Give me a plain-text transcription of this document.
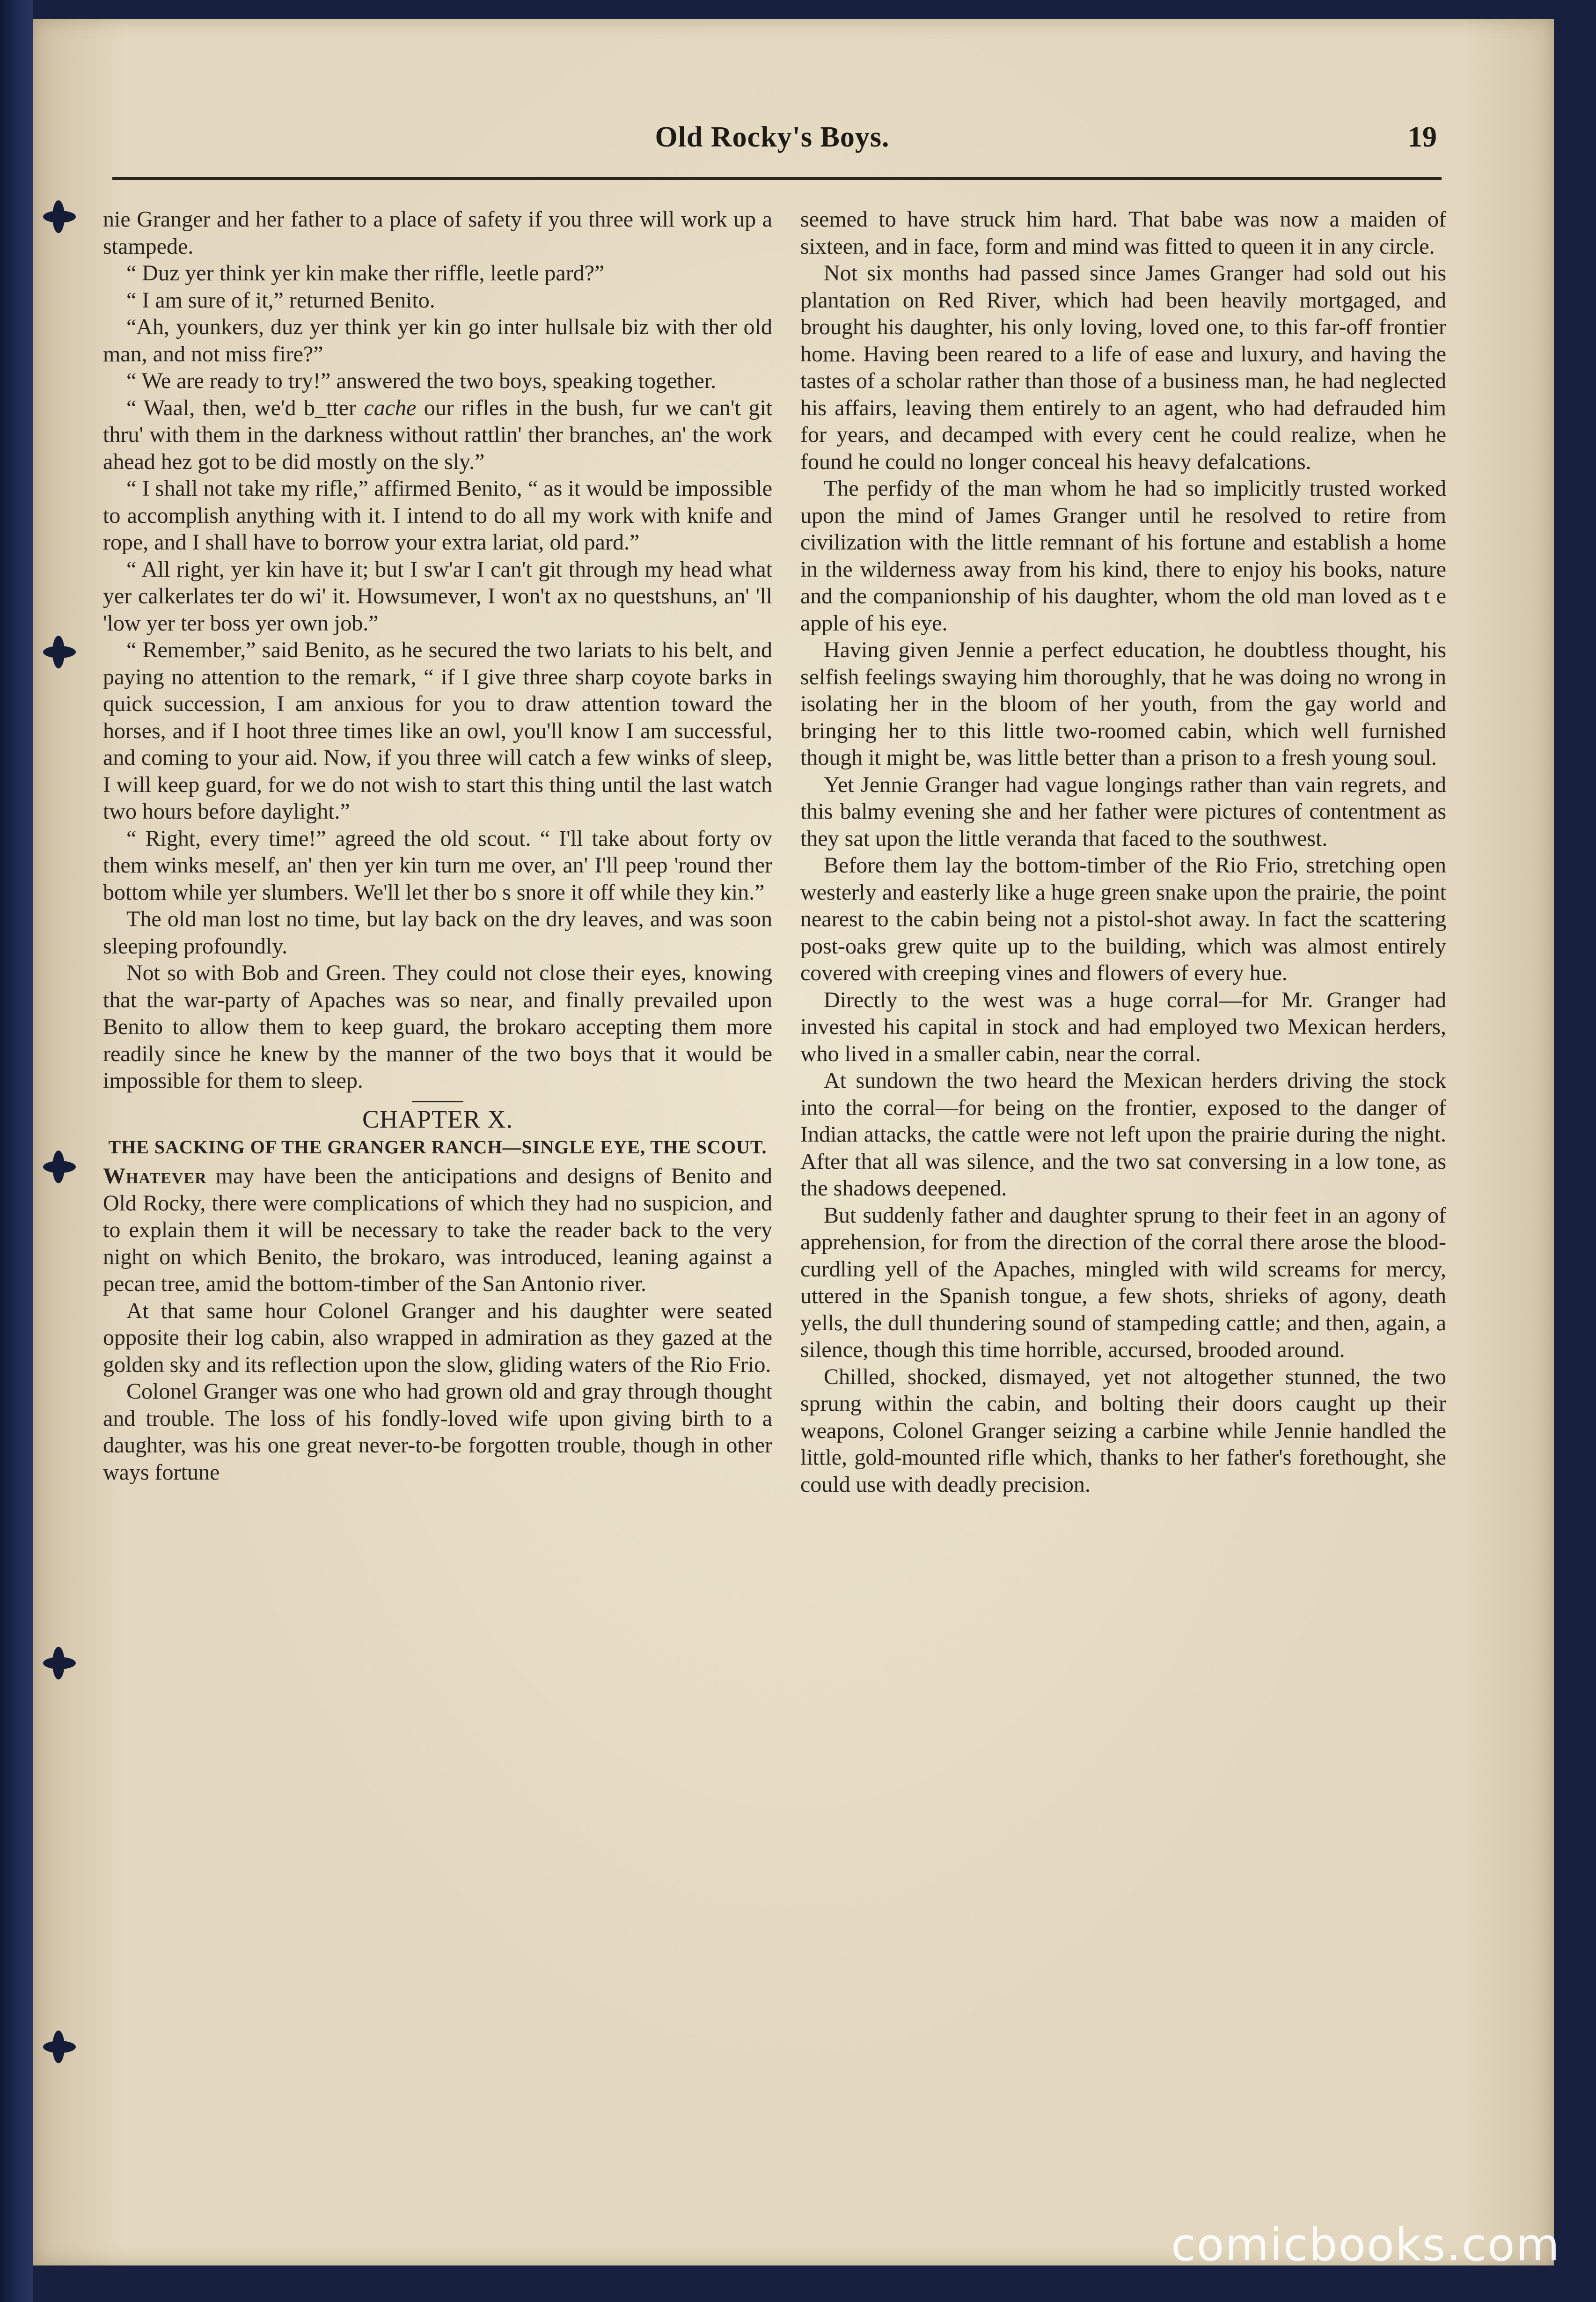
Old Rocky's Boys.	19

nie Granger and her father to a place of safety if you three will work up a stampede.

“ Duz yer think yer kin make ther riffle, leetle pard?”

“ I am sure of it,” returned Benito.

“Ah, younkers, duz yer think yer kin go inter hullsale biz with ther old man, and not miss fire?”

“ We are ready to try!” answered the two boys, speaking together.

“ Waal, then, we'd b_tter cache our rifles in the bush, fur we can't git thru' with them in the darkness without rattlin' ther branches, an' the work ahead hez got to be did mostly on the sly.”

“ I shall not take my rifle,” affirmed Benito, “ as it would be impossible to accomplish anything with it. I intend to do all my work with knife and rope, and I shall have to borrow your extra lariat, old pard.”

“ All right, yer kin have it; but I sw'ar I can't git through my head what yer calkerlates ter do wi' it. Howsumever, I won't ax no questshuns, an' 'll 'low yer ter boss yer own job.”

“ Remember,” said Benito, as he secured the two lariats to his belt, and paying no attention to the remark, “ if I give three sharp coyote barks in quick succession, I am anxious for you to draw attention toward the horses, and if I hoot three times like an owl, you'll know I am successful, and coming to your aid. Now, if you three will catch a few winks of sleep, I will keep guard, for we do not wish to start this thing until the last watch two hours before daylight.”

“ Right, every time!” agreed the old scout. “ I'll take about forty ov them winks meself, an' then yer kin turn me over, an' I'll peep 'round ther bottom while yer slumbers. We'll let ther bo s snore it off while they kin.”

The old man lost no time, but lay back on the dry leaves, and was soon sleeping profoundly.

Not so with Bob and Green. They could not close their eyes, knowing that the war-party of Apaches was so near, and finally prevailed upon Benito to allow them to keep guard, the brokaro accepting them more readily since he knew by the manner of the two boys that it would be impossible for them to sleep.

CHAPTER X.
THE SACKING OF THE GRANGER RANCH—SINGLE EYE, THE SCOUT.

Whatever may have been the anticipations and designs of Benito and Old Rocky, there were complications of which they had no suspicion, and to explain them it will be necessary to take the reader back to the very night on which Benito, the brokaro, was introduced, leaning against a pecan tree, amid the bottom-timber of the San Antonio river.

At that same hour Colonel Granger and his daughter were seated opposite their log cabin, also wrapped in admiration as they gazed at the golden sky and its reflection upon the slow, gliding waters of the Rio Frio.

Colonel Granger was one who had grown old and gray through thought and trouble. The loss of his fondly-loved wife upon giving birth to a daughter, was his one great never-to-be forgotten trouble, though in other ways fortune

seemed to have struck him hard. That babe was now a maiden of sixteen, and in face, form and mind was fitted to queen it in any circle.

Not six months had passed since James Granger had sold out his plantation on Red River, which had been heavily mortgaged, and brought his daughter, his only loving, loved one, to this far-off frontier home. Having been reared to a life of ease and luxury, and having the tastes of a scholar rather than those of a business man, he had neglected his affairs, leaving them entirely to an agent, who had defrauded him for years, and decamped with every cent he could realize, when he found he could no longer conceal his heavy defalcations.

The perfidy of the man whom he had so implicitly trusted worked upon the mind of James Granger until he resolved to retire from civilization with the little remnant of his fortune and establish a home in the wilderness away from his kind, there to enjoy his books, nature and the companionship of his daughter, whom the old man loved as t e apple of his eye.

Having given Jennie a perfect education, he doubtless thought, his selfish feelings swaying him thoroughly, that he was doing no wrong in isolating her in the bloom of her youth, from the gay world and bringing her to this little two-roomed cabin, which well furnished though it might be, was little better than a prison to a fresh young soul.

Yet Jennie Granger had vague longings rather than vain regrets, and this balmy evening she and her father were pictures of contentment as they sat upon the little veranda that faced to the southwest.

Before them lay the bottom-timber of the Rio Frio, stretching open westerly and easterly like a huge green snake upon the prairie, the point nearest to the cabin being not a pistol-shot away. In fact the scattering post-oaks grew quite up to the building, which was almost entirely covered with creeping vines and flowers of every hue.

Directly to the west was a huge corral—for Mr. Granger had invested his capital in stock and had employed two Mexican herders, who lived in a smaller cabin, near the corral.

At sundown the two heard the Mexican herders driving the stock into the corral—for being on the frontier, exposed to the danger of Indian attacks, the cattle were not left upon the prairie during the night. After that all was silence, and the two sat conversing in a low tone, as the shadows deepened.

But suddenly father and daughter sprung to their feet in an agony of apprehension, for from the direction of the corral there arose the blood-curdling yell of the Apaches, mingled with wild screams for mercy, uttered in the Spanish tongue, a few shots, shrieks of agony, death yells, the dull thundering sound of stampeding cattle; and then, again, a silence, though this time horrible, accursed, brooded around.

Chilled, shocked, dismayed, yet not altogether stunned, the two sprung within the cabin, and bolting their doors caught up their weapons, Colonel Granger seizing a carbine while Jennie handled the little, gold-mounted rifle which, thanks to her father's forethought, she could use with deadly precision.

comicbooks.com
